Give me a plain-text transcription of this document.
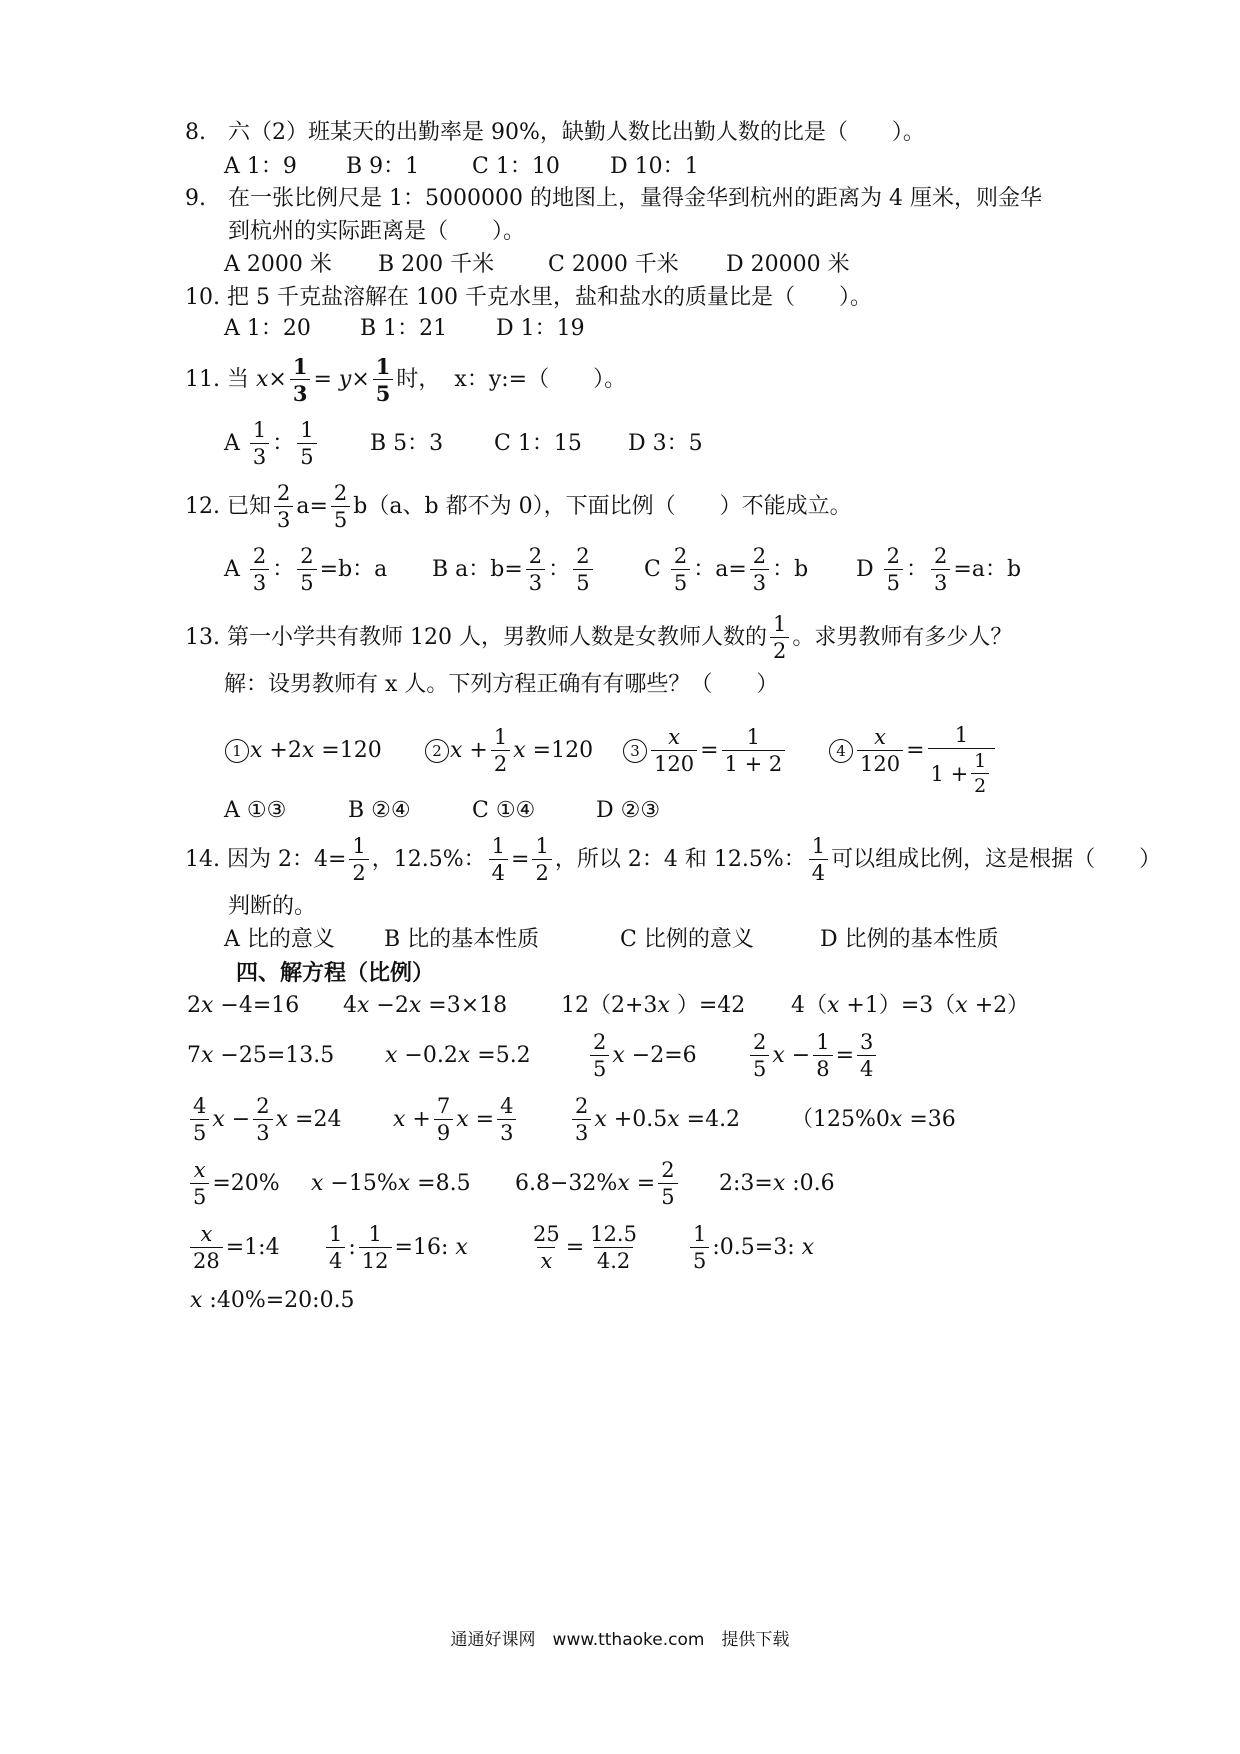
8.　六（2）班某天的出勤率是 90%，缺勤人数比出勤人数的比是（　　）。
A 1：9 B 9：1 C 1：10 D 10：1
9.　在一张比例尺是 1：5000000 的地图上，量得金华到杭州的距离为 4 厘米，则金华
到杭州的实际距离是（　　）。
A 2000 米 B 200 千米 C 2000 千米 D 20000 米
10. 把 5 千克盐溶解在 100 千克水里，盐和盐水的质量比是（　　）。
A 1：20 B 1：21 D 1：19
11. 当 $x\times \frac{1}{3} = y\times \frac{1}{5}$ 时， x：y:=（　　）。
A $\frac{1}{3}$ ： $\frac{1}{5}$ B 5：3 C 1：15 D 3：5
12. 已知 $\frac{2}{3} a= \frac{2}{5} b(a$、b 都不为 0），下面比例（　　）不能成立。
A $\frac{2}{3}$ ： $\frac{2}{5} =b$：a B a：$b= \frac{2}{3}$ ： $\frac{2}{5}$ C $\frac{2}{5}$ ：$a= \frac{2}{3}$ ：b D $\frac{2}{5}$ ： $\frac{2}{3} =a$：b
13. 第一小学共有教师 120 人，男教师人数是女教师人数的 $\frac{1}{2}$ 。求男教师有多少人？
解：设男教师有 x 人。下列方程正确有有哪些？（　　）
1 x +2 x =120	2 $x + \frac{1}{2}$ x =120	$3 \frac{x}{120} = \frac{1}{1 + 2}$	$4 \frac{x}{120} = \frac{1}{1 + \frac{1}{2}}$
A ①③	B ②④	C ①④	D ②③
14. 因为 2：$4= \frac{1}{2}$ ，12.5%： $\frac{1}{4} = \frac{1}{2}$ ，所以 2：4 和 12.5%： $\frac{1}{4}$ 可以组成比例，这是根据（　　）
判断的。
A 比的意义 B 比的基本性质	C 比例的意义	D 比例的基本性质
四、解方程（比例）
2 x −4=16 4 x −2 x =3×18 12（2+3 x ）=42 4（ x +1）=3（ x +2）
7 x −25=13.5 x −0.2 x =5.2	$\frac{2}{5}$ x −2=6	$\frac{2}{5}$ $x - \frac{1}{8} = \frac{3}{4}$
$\frac{4}{5}$ $x - \frac{2}{3}$ x =24 $x + \frac{7}{9}$ $x = \frac{4}{3}$	$\frac{2}{3}$ x +0.5 x =4.2 （125%0 x =36
$\frac{x}{5} =20\%$ x −15% x =8.5 6.8−32% $x = \frac{2}{5}$ 2:3= x :0.6
$\frac{x}{28}$ =1:4 $\frac{1}{4}$ : $\frac{1}{12} =16$: x	$\frac{25}{x} = \frac{12.5}{4.2} \frac{1}{5}$ :0.5=3: x
x :40%=20:0.5
通通好课网　www.tthaoke.com　提供下载
